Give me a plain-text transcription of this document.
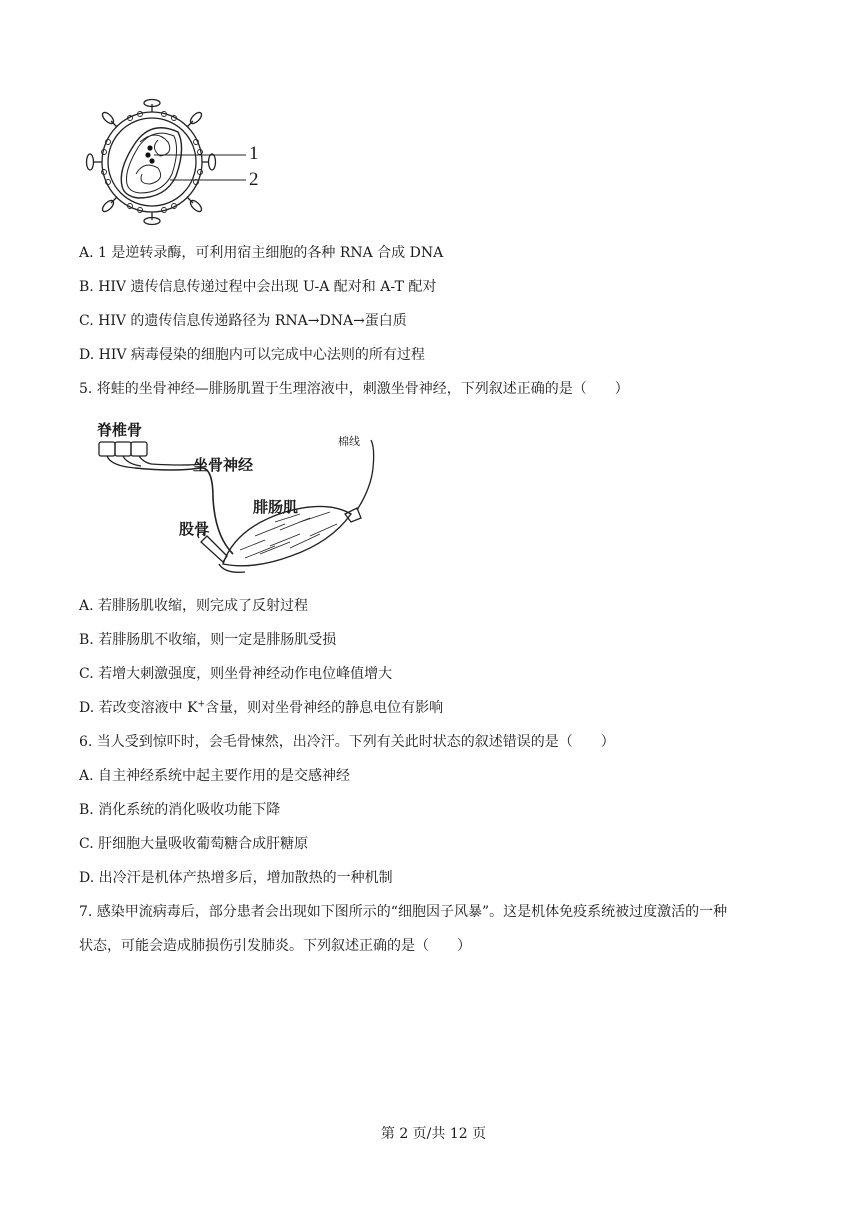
1
2
A. 1 是逆转录酶，可利用宿主细胞的各种 RNA 合成 DNA
B. HIV 遗传信息传递过程中会出现 U-A 配对和 A-T 配对
C. HIV 的遗传信息传递路径为 RNA→DNA→蛋白质
D. HIV 病毒侵染的细胞内可以完成中心法则的所有过程
5. 将蛙的坐骨神经—腓肠肌置于生理溶液中，刺激坐骨神经，下列叙述正确的是（　　）
脊椎骨
坐骨神经
棉线
腓肠肌
股骨
A. 若腓肠肌收缩，则完成了反射过程
B. 若腓肠肌不收缩，则一定是腓肠肌受损
C. 若增大刺激强度，则坐骨神经动作电位峰值增大
D. 若改变溶液中 K+含量，则对坐骨神经的静息电位有影响
6. 当人受到惊吓时，会毛骨悚然，出冷汗。下列有关此时状态的叙述错误的是（　　）
A. 自主神经系统中起主要作用的是交感神经
B. 消化系统的消化吸收功能下降
C. 肝细胞大量吸收葡萄糖合成肝糖原
D. 出冷汗是机体产热增多后，增加散热的一种机制
7. 感染甲流病毒后，部分患者会出现如下图所示的“细胞因子风暴”。这是机体免疫系统被过度激活的一种
状态，可能会造成肺损伤引发肺炎。下列叙述正确的是（　　）
第 2 页/共 12 页
